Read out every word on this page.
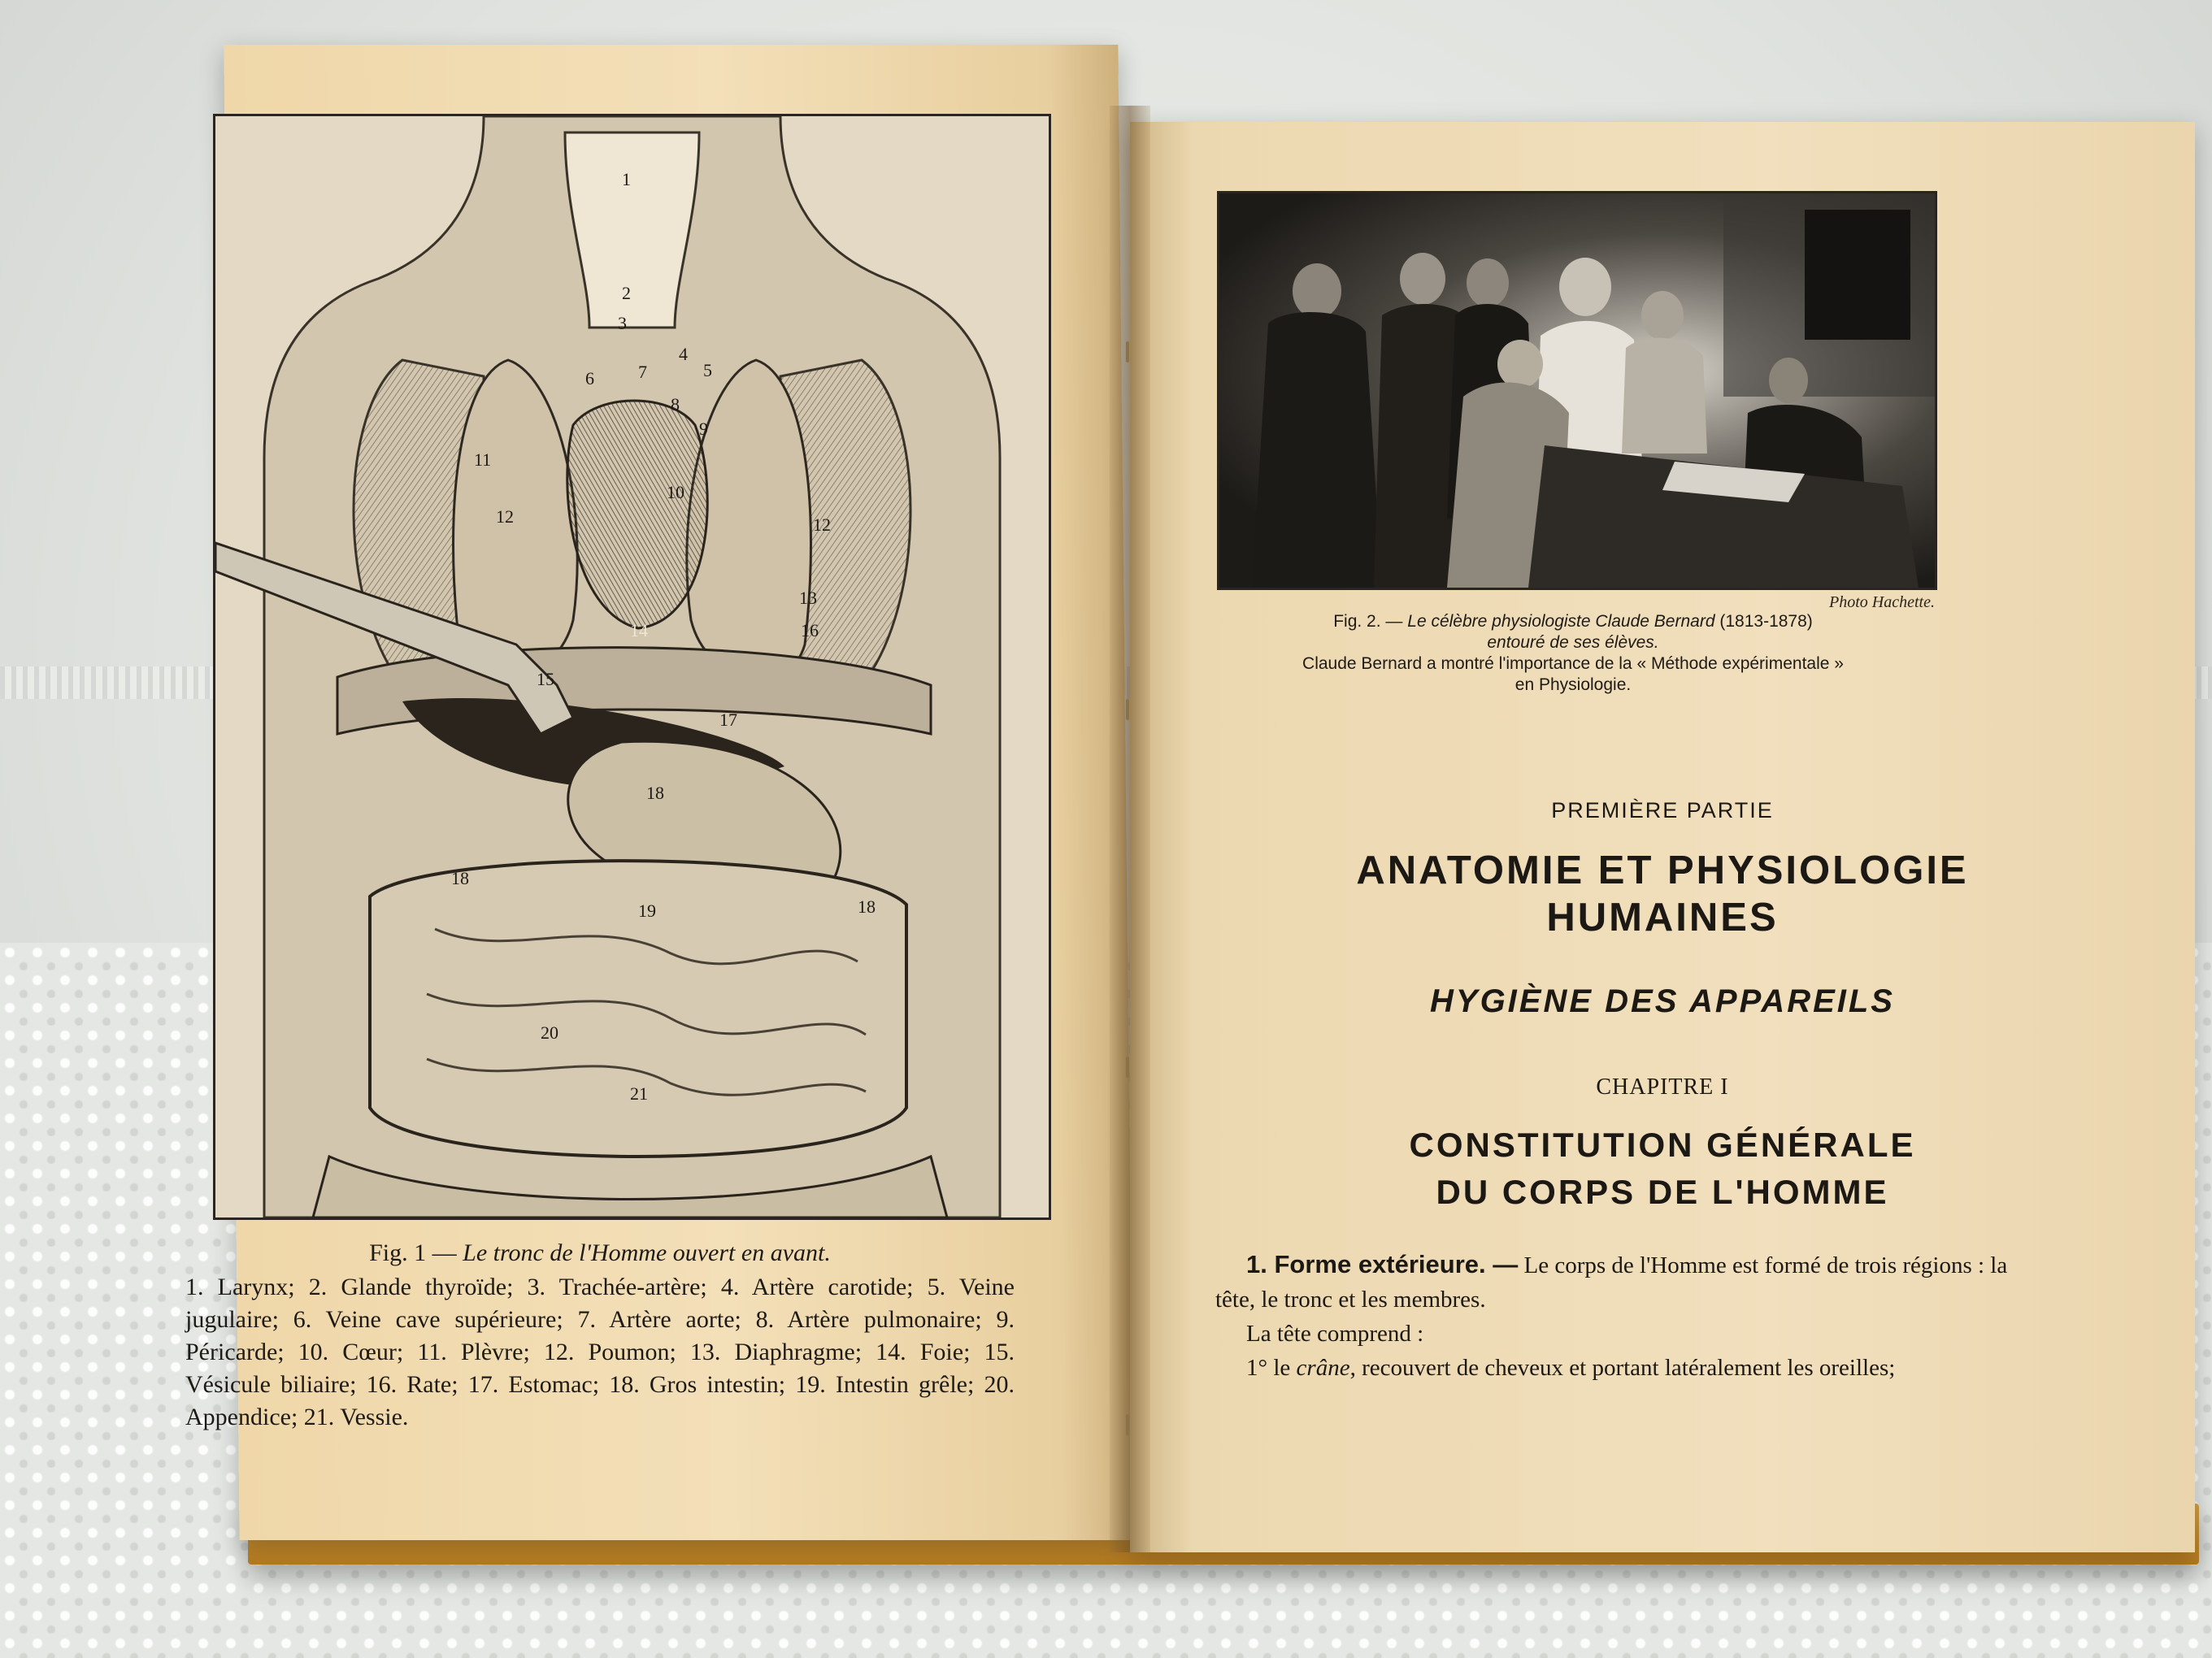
1
2
3
4
5
6 7
8
9
10
11
12	12
13
14
15
16
17
18
18
18
19
20
21
Fig. 1 — Le tronc de l'Homme ouvert en avant.
1. Larynx; 2. Glande thyroïde; 3. Trachée-artère; 4. Artère carotide; 5. Veine jugulaire; 6. Veine cave supérieure; 7. Artère aorte; 8. Artère pulmonaire; 9. Péricarde; 10. Cœur; 11. Plèvre; 12. Poumon; 13. Diaphragme; 14. Foie; 15. Vésicule biliaire; 16. Rate; 17. Estomac; 18. Gros intestin; 19. Intestin grêle; 20. Appendice; 21. Vessie.
Photo Hachette.
Fig. 2. — Le célèbre physiologiste Claude Bernard (1813-1878)
entouré de ses élèves.
Claude Bernard a montré l'importance de la « Méthode expérimentale »
en Physiologie.
PREMIÈRE PARTIE
ANATOMIE ET PHYSIOLOGIE
HUMAINES
HYGIÈNE DES APPAREILS
CHAPITRE I
CONSTITUTION GÉNÉRALE
DU CORPS DE L'HOMME

1. Forme extérieure. — Le corps de l'Homme est formé de trois régions : la tête, le tronc et les membres.

La tête comprend :

1° le crâne, recouvert de cheveux et portant latéralement les oreilles;
